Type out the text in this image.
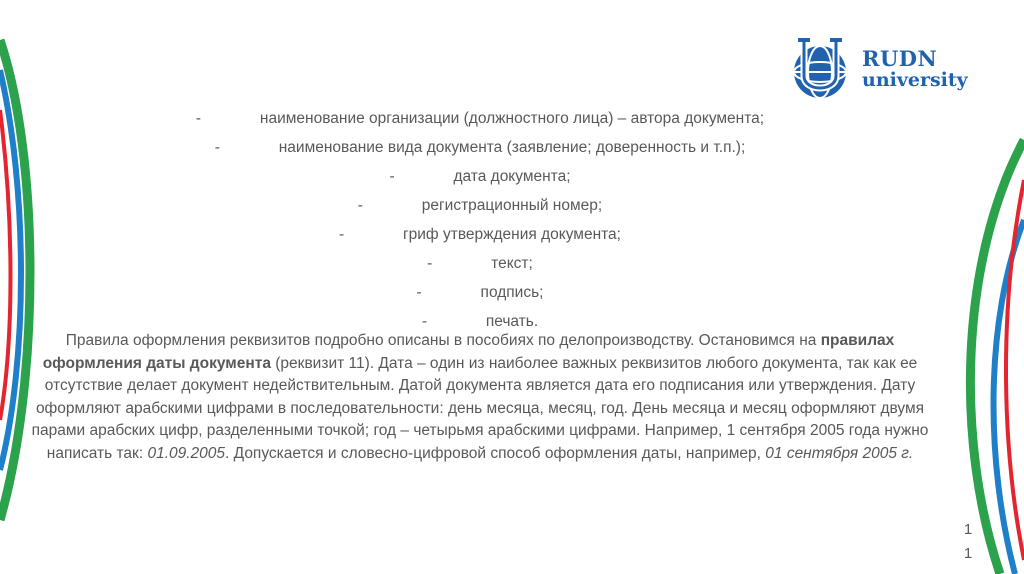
RUDN
university
-	наименование организации (должностного лица) – автора документа;
-	наименование вида документа (заявление; доверенность и т.п.);
-	дата документа;
-	регистрационный номер;
-	гриф утверждения документа;
-	текст;
-	подпись;
-	печать.

Правила оформления реквизитов подробно описаны в пособиях по делопроизводству. Остановимся на правилах оформления даты документа (реквизит 11). Дата – один из наиболее важных реквизитов любого документа, так как ее отсутствие делает документ недействительным. Датой документа является дата его подписания или утверждения. Дату оформляют арабскими цифрами в последовательности: день месяца, месяц, год. День месяца и месяц оформляют двумя парами арабских цифр, разделенными точкой; год – четырьмя арабскими цифрами. Например, 1 сентября 2005 года нужно написать так: 01.09.2005. Допускается и словесно-цифровой способ оформления даты, например, 01 сентября 2005 г.

11
